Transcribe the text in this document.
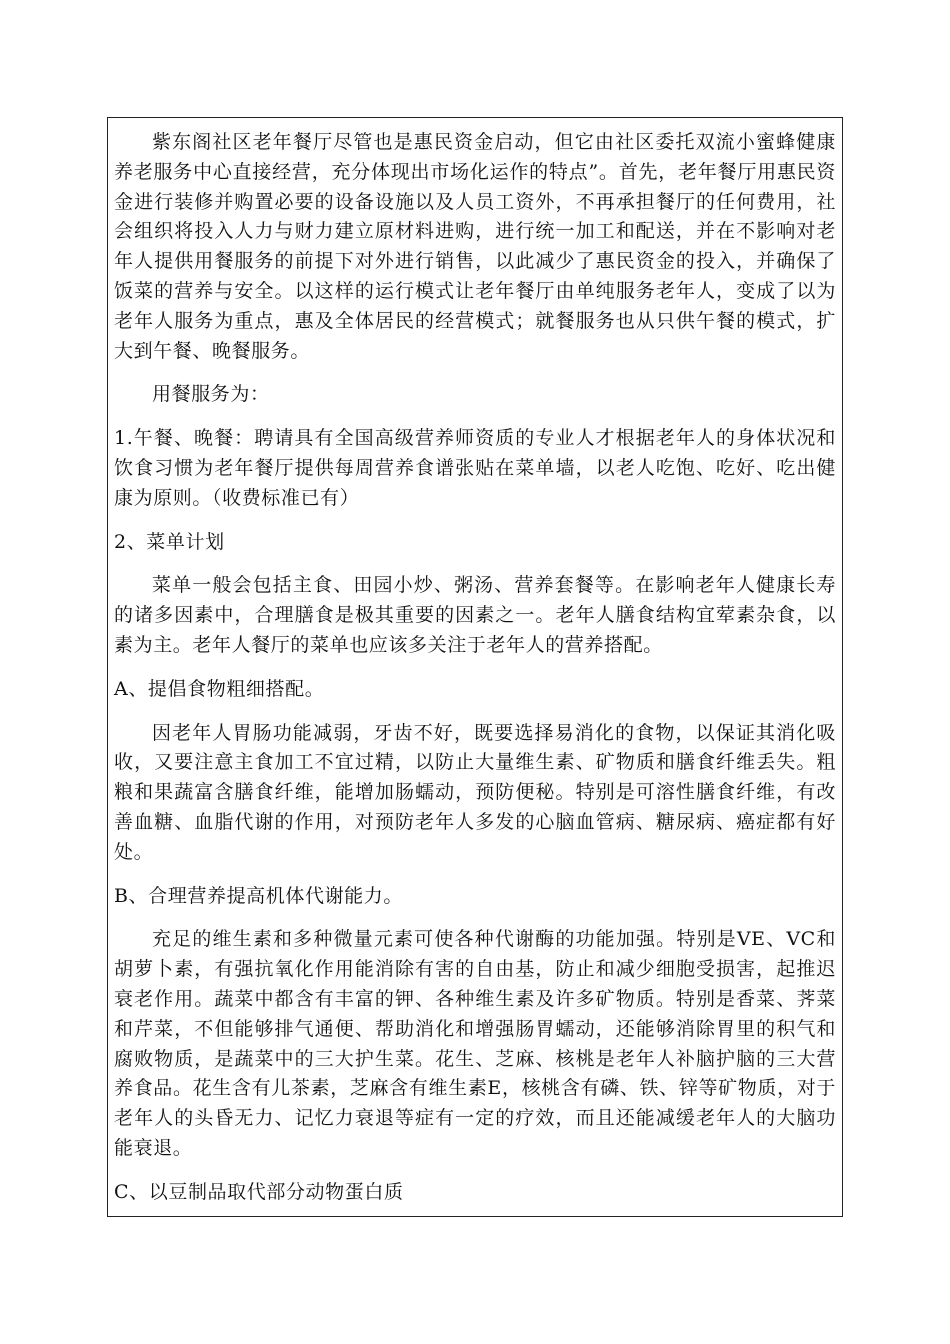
紫东阁社区老年餐厅尽管也是惠民资金启动，但它由社区委托双流小蜜蜂健康养老服务中心直接经营，充分体现出市场化运作的特点”。首先，老年餐厅用惠民资金进行装修并购置必要的设备设施以及人员工资外，不再承担餐厅的任何费用，社会组织将投入人力与财力建立原材料进购，进行统一加工和配送，并在不影响对老年人提供用餐服务的前提下对外进行销售，以此减少了惠民资金的投入，并确保了饭菜的营养与安全。以这样的运行模式让老年餐厅由单纯服务老年人，变成了以为老年人服务为重点，惠及全体居民的经营模式；就餐服务也从只供午餐的模式，扩大到午餐、晚餐服务。

用餐服务为：

1.午餐、晚餐：聘请具有全国高级营养师资质的专业人才根据老年人的身体状况和饮食习惯为老年餐厅提供每周营养食谱张贴在菜单墙，以老人吃饱、吃好、吃出健康为原则。（收费标准已有）

2、菜单计划

菜单一般会包括主食、田园小炒、粥汤、营养套餐等。在影响老年人健康长寿的诸多因素中，合理膳食是极其重要的因素之一。老年人膳食结构宜荤素杂食，以素为主。老年人餐厅的菜单也应该多关注于老年人的营养搭配。

A、提倡食物粗细搭配。

因老年人胃肠功能减弱，牙齿不好，既要选择易消化的食物，以保证其消化吸收，又要注意主食加工不宜过精，以防止大量维生素、矿物质和膳食纤维丢失。粗粮和果蔬富含膳食纤维，能增加肠蠕动，预防便秘。特别是可溶性膳食纤维，有改善血糖、血脂代谢的作用，对预防老年人多发的心脑血管病、糖尿病、癌症都有好处。

B、合理营养提高机体代谢能力。

充足的维生素和多种微量元素可使各种代谢酶的功能加强。特别是VE、VC和胡萝卜素，有强抗氧化作用能消除有害的自由基，防止和减少细胞受损害，起推迟衰老作用。蔬菜中都含有丰富的钾、各种维生素及许多矿物质。特别是香菜、荠菜和芹菜，不但能够排气通便、帮助消化和增强肠胃蠕动，还能够消除胃里的积气和腐败物质，是蔬菜中的三大护生菜。花生、芝麻、核桃是老年人补脑护脑的三大营养食品。花生含有儿茶素，芝麻含有维生素E，核桃含有磷、铁、锌等矿物质，对于老年人的头昏无力、记忆力衰退等症有一定的疗效，而且还能减缓老年人的大脑功能衰退。

C、以豆制品取代部分动物蛋白质
